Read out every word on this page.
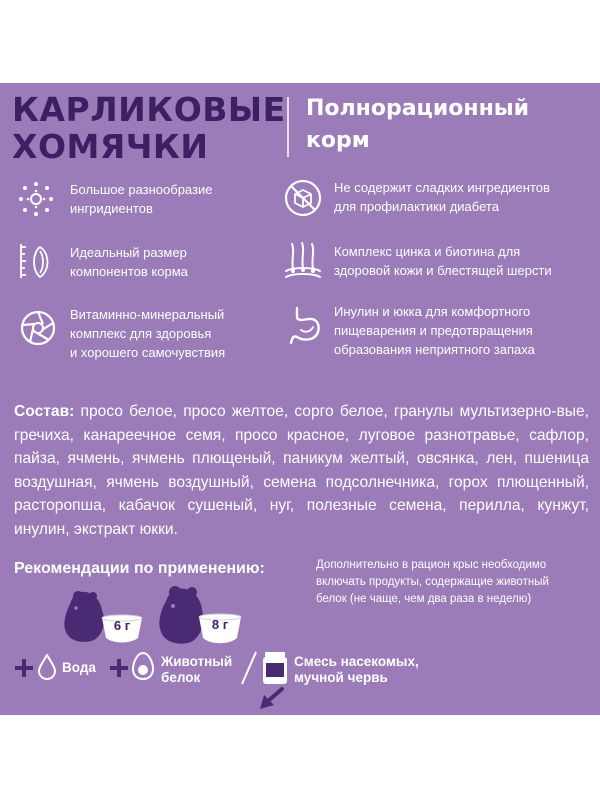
КАРЛИКОВЫЕ
ХОМЯЧКИ
Полнорационный
корм
Большое разнообразие
ингридиентов
Не содержит сладких ингредиентов
для профилактики диабета
Идеальный размер
компонентов корма
Комплекс цинка и биотина для
здоровой кожи и блестящей шерсти
Витаминно-минеральный
комплекс для здоровья
и хорошего самочувствия
Инулин и юкка для комфортного
пищеварения и предотвращения
образования неприятного запаха
Состав: просо белое, просо желтое, сорго белое, гранулы мультизерно-вые, гречиха, канареечное семя, просо красное, луговое разнотравье, сафлор, пайза, ячмень, ячмень плющеный, паникум желтый, овсянка, лен, пшеница воздушная, ячмень воздушный, семена подсолнечника, горох плющенный, расторопша, кабачок сушеный, нуг, полезные семена, перилла, кунжут, инулин, экстракт юкки.
Рекомендации по применению:	Дополнительно в рацион крыс необходимо
включать продукты, содержащие животный
белок (не чаще, чем два раза в неделю)
6 г	8 г
Вода	Животный
белок
Смесь насекомых,
мучной червь
